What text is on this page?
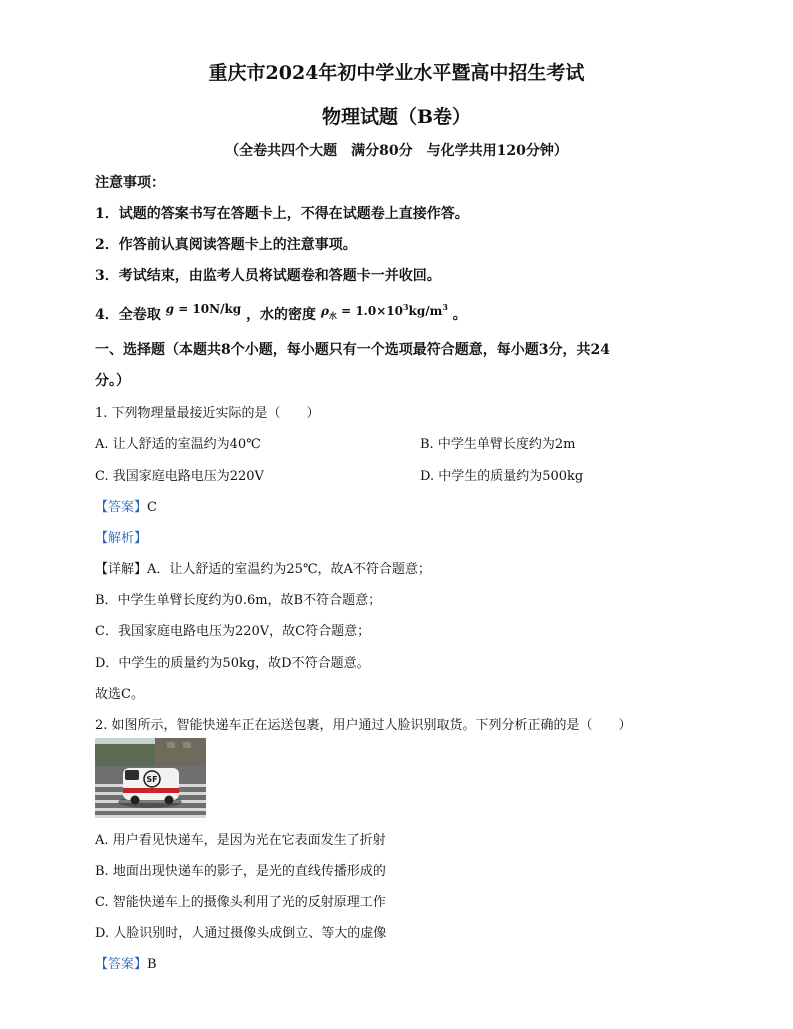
重庆市2024年初中学业水平暨高中招生考试
物理试题（B卷）
（全卷共四个大题　满分80分　与化学共用120分钟）
注意事项：
1．试题的答案书写在答题卡上，不得在试题卷上直接作答。
2．作答前认真阅读答题卡上的注意事项。
3．考试结束，由监考人员将试题卷和答题卡一并收回。
4．全卷取 g = 10N/kg ，水的密度 $\rho_水 = 1.0\times 10^3kg/m^3$ 。
一、选择题（本题共8个小题，每小题只有一个选项最符合题意，每小题3分，共24
分。）
1. 下列物理量最接近实际的是（　　）
A. 让人舒适的室温约为40℃	B. 中学生单臂长度约为2m
C. 我国家庭电路电压为220V	D. 中学生的质量约为500kg
【答案】C
【解析】
【详解】A．让人舒适的室温约为25℃，故A不符合题意；
B．中学生单臂长度约为0.6m，故B不符合题意；
C．我国家庭电路电压为220V，故C符合题意；
D．中学生的质量约为50kg，故D不符合题意。
故选C。
2. 如图所示，智能快递车正在运送包裹，用户通过人脸识别取货。下列分析正确的是（　　）
SF
A. 用户看见快递车，是因为光在它表面发生了折射
B. 地面出现快递车的影子，是光的直线传播形成的
C. 智能快递车上的摄像头利用了光的反射原理工作
D. 人脸识别时，人通过摄像头成倒立、等大的虚像
【答案】B
